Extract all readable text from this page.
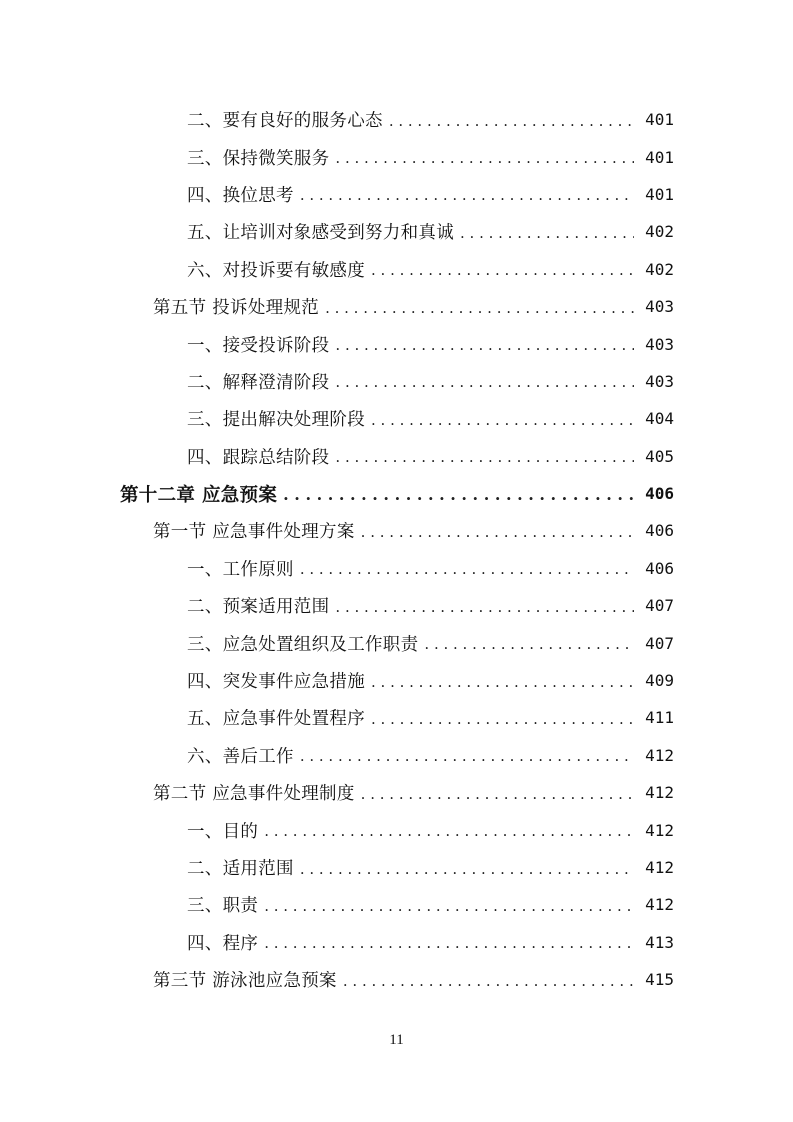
二、要有良好的服务心态 . . .	401
三、保持微笑服务 . . .	401
四、换位思考 . . .	401
五、让培训对象感受到努力和真诚 . . .	402
六、对投诉要有敏感度 . . .	402
第五节 投诉处理规范 . . .	403
一、接受投诉阶段 . . .	403
二、解释澄清阶段 . . .	403
三、提出解决处理阶段 . . .	404
四、跟踪总结阶段 . . .	405
第十二章 应急预案 . . .	406
第一节 应急事件处理方案 . . .	406
一、工作原则 . . .	406
二、预案适用范围 . . .	407
三、应急处置组织及工作职责 . . .	407
四、突发事件应急措施 . . .	409
五、应急事件处置程序 . . .	411
六、善后工作 . . .	412
第二节 应急事件处理制度 . . .	412
一、目的 . . .	412
二、适用范围 . . .	412
三、职责 . . .	412
四、程序 . . .	413
第三节 游泳池应急预案 . . .	415
11
